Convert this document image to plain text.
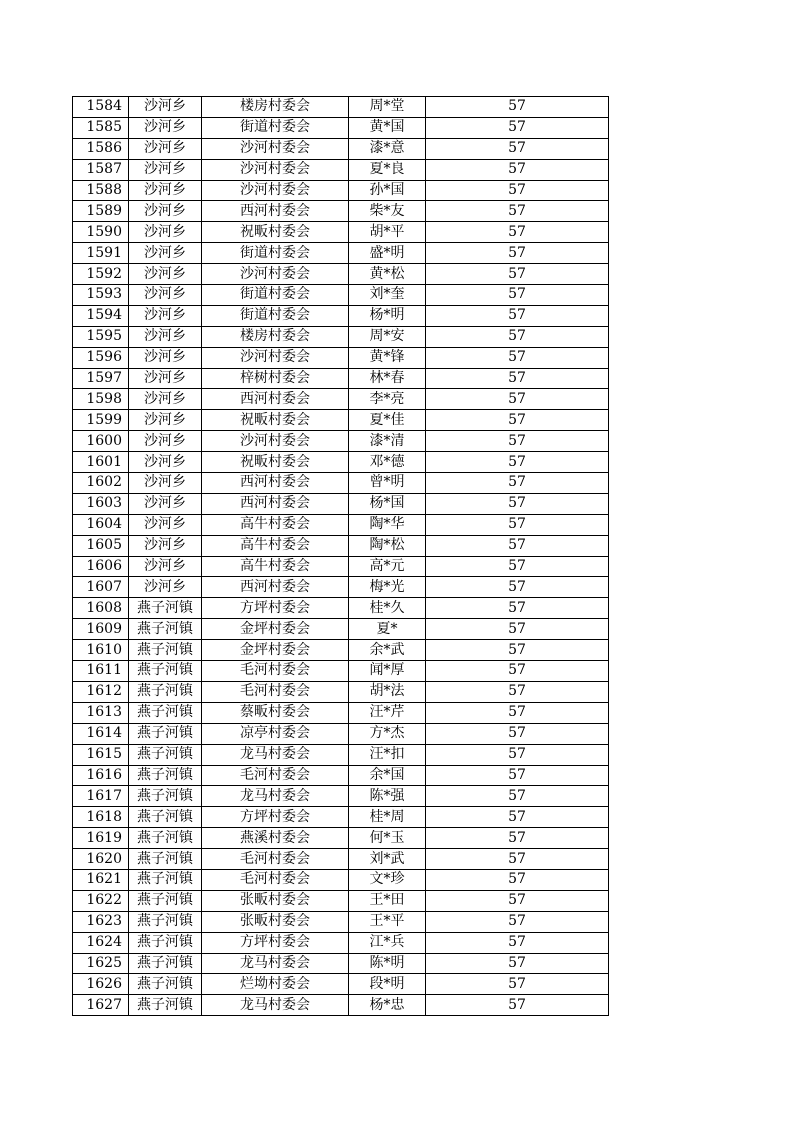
1584	沙河乡	楼房村委会	周*堂	57
1585	沙河乡	街道村委会	黄*国	57
1586	沙河乡	沙河村委会	漆*意	57
1587	沙河乡	沙河村委会	夏*良	57
1588	沙河乡	沙河村委会	孙*国	57
1589	沙河乡	西河村委会	柴*友	57
1590	沙河乡	祝畈村委会	胡*平	57
1591	沙河乡	街道村委会	盛*明	57
1592	沙河乡	沙河村委会	黄*松	57
1593	沙河乡	街道村委会	刘*奎	57
1594	沙河乡	街道村委会	杨*明	57
1595	沙河乡	楼房村委会	周*安	57
1596	沙河乡	沙河村委会	黄*锋	57
1597	沙河乡	梓树村委会	林*春	57
1598	沙河乡	西河村委会	李*亮	57
1599	沙河乡	祝畈村委会	夏*佳	57
1600	沙河乡	沙河村委会	漆*清	57
1601	沙河乡	祝畈村委会	邓*德	57
1602	沙河乡	西河村委会	曾*明	57
1603	沙河乡	西河村委会	杨*国	57
1604	沙河乡	高牛村委会	陶*华	57
1605	沙河乡	高牛村委会	陶*松	57
1606	沙河乡	高牛村委会	高*元	57
1607	沙河乡	西河村委会	梅*光	57
1608	燕子河镇	方坪村委会	桂*久	57
1609	燕子河镇	金坪村委会	夏*	57
1610	燕子河镇	金坪村委会	余*武	57
1611	燕子河镇	毛河村委会	闻*厚	57
1612	燕子河镇	毛河村委会	胡*法	57
1613	燕子河镇	蔡畈村委会	汪*芹	57
1614	燕子河镇	凉亭村委会	方*杰	57
1615	燕子河镇	龙马村委会	汪*扣	57
1616	燕子河镇	毛河村委会	余*国	57
1617	燕子河镇	龙马村委会	陈*强	57
1618	燕子河镇	方坪村委会	桂*周	57
1619	燕子河镇	燕溪村委会	何*玉	57
1620	燕子河镇	毛河村委会	刘*武	57
1621	燕子河镇	毛河村委会	文*珍	57
1622	燕子河镇	张畈村委会	王*田	57
1623	燕子河镇	张畈村委会	王*平	57
1624	燕子河镇	方坪村委会	江*兵	57
1625	燕子河镇	龙马村委会	陈*明	57
1626	燕子河镇	烂坳村委会	段*明	57
1627	燕子河镇	龙马村委会	杨*忠	57
